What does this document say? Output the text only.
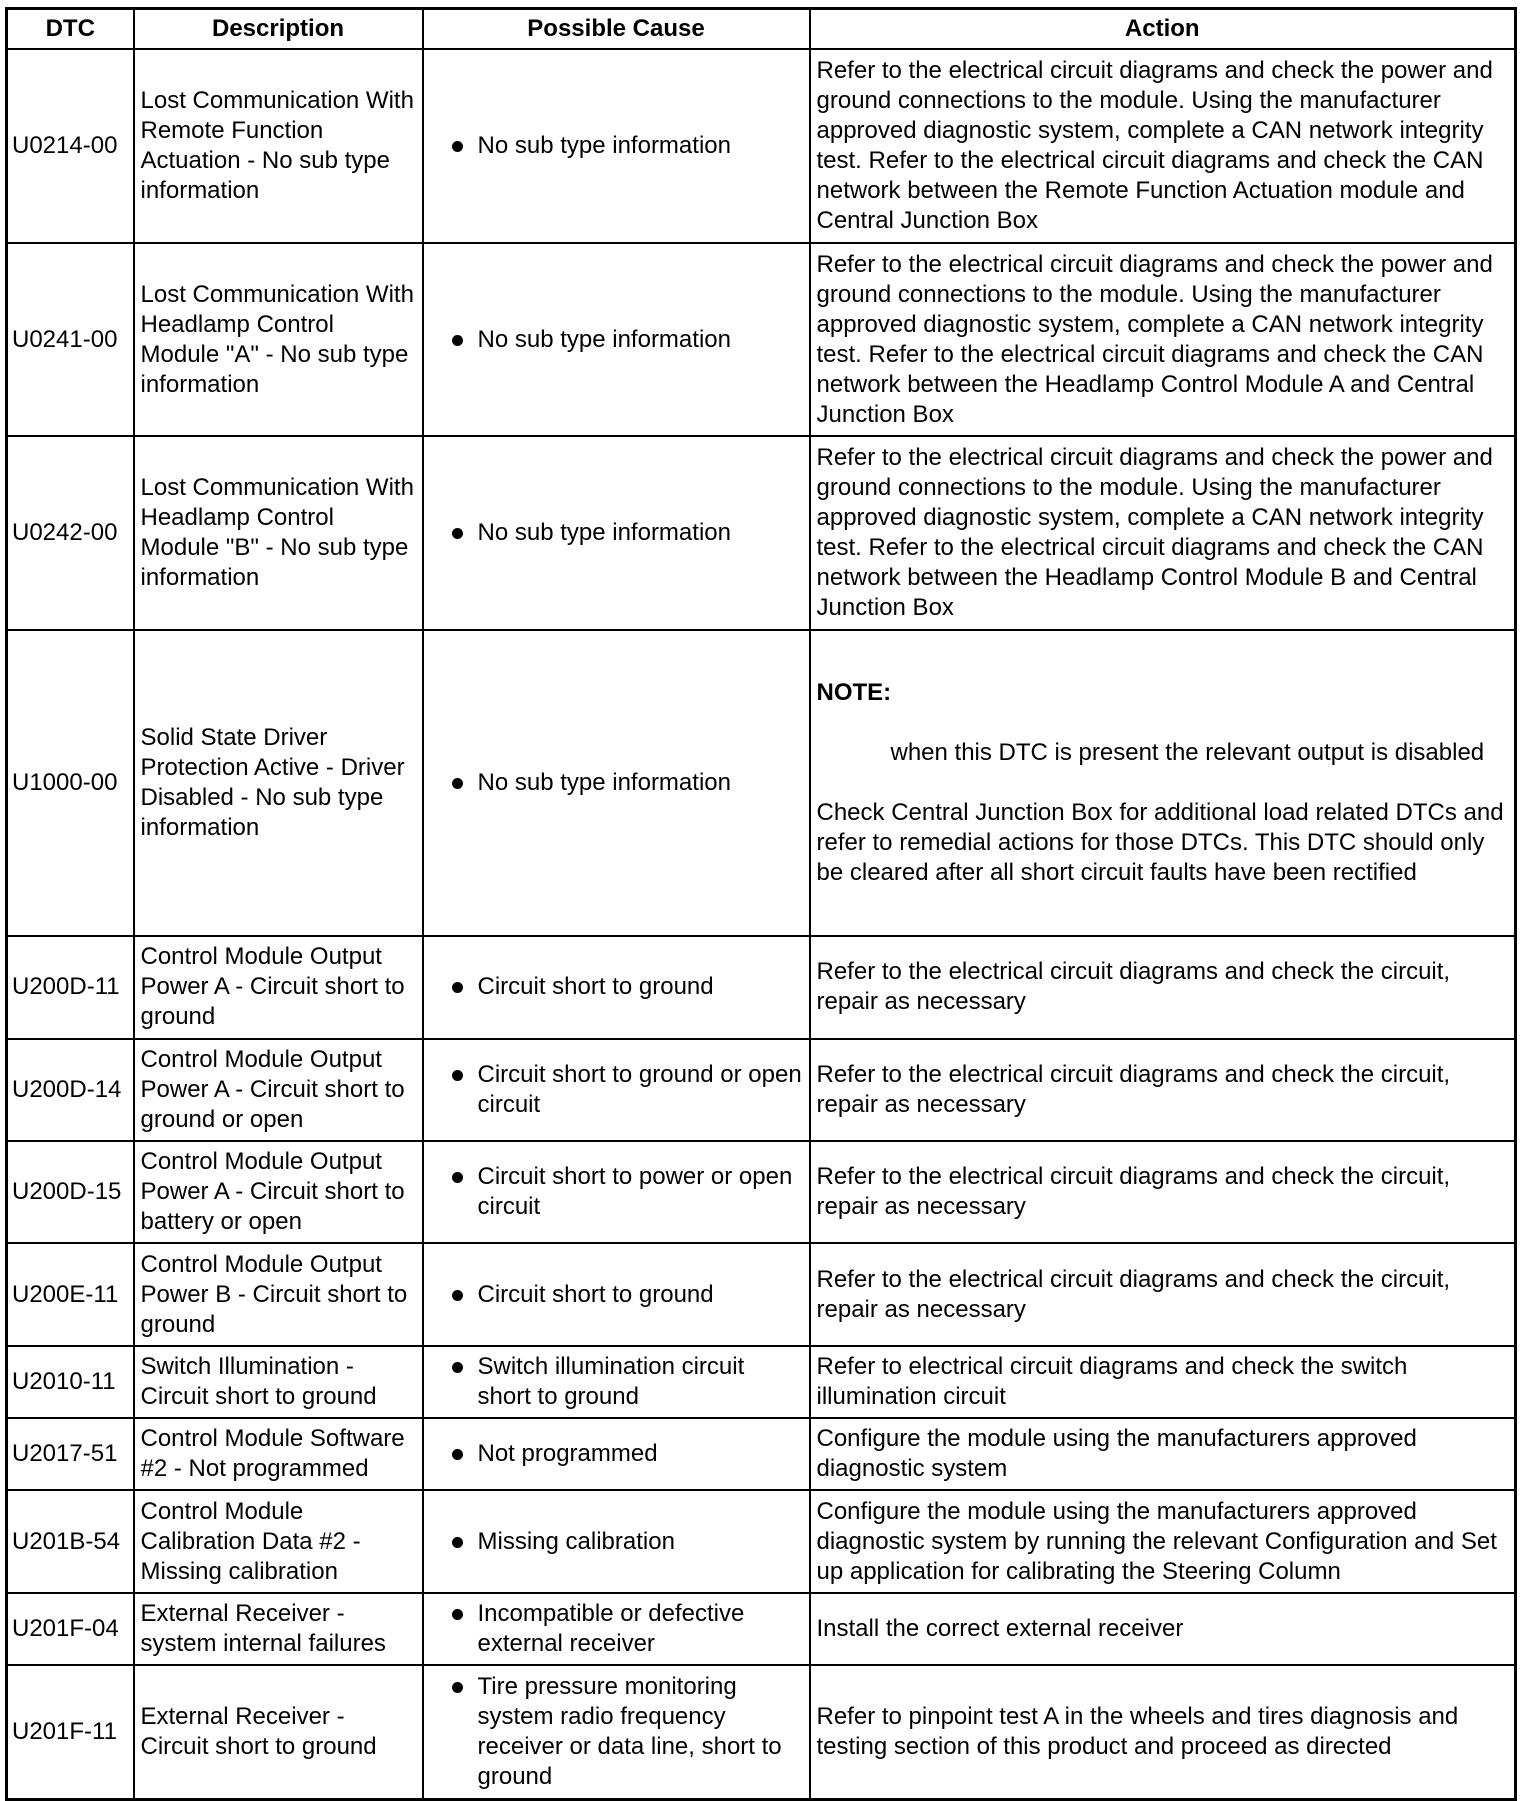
DTC	Description	Possible Cause	Action
U0214-00	Lost Communication With Remote Function Actuation - No sub type information	No sub type information	Refer to the electrical circuit diagrams and check the power and ground connections to the module. Using the manufacturer approved diagnostic system, complete a CAN network integrity test. Refer to the electrical circuit diagrams and check the CAN network between the Remote Function Actuation module and Central Junction Box
U0241-00	Lost Communication With Headlamp Control Module "A" - No sub type information	No sub type information	Refer to the electrical circuit diagrams and check the power and ground connections to the module. Using the manufacturer approved diagnostic system, complete a CAN network integrity test. Refer to the electrical circuit diagrams and check the CAN network between the Headlamp Control Module A and Central Junction Box
U0242-00	Lost Communication With Headlamp Control Module "B" - No sub type information	No sub type information	Refer to the electrical circuit diagrams and check the power and ground connections to the module. Using the manufacturer approved diagnostic system, complete a CAN network integrity test. Refer to the electrical circuit diagrams and check the CAN network between the Headlamp Control Module B and Central Junction Box
U1000-00	Solid State Driver Protection Active - Driver Disabled - No sub type information	No sub type information	NOTE:
when this DTC is present the relevant output is disabled
Check Central Junction Box for additional load related DTCs and refer to remedial actions for those DTCs. This DTC should only be cleared after all short circuit faults have been rectified

U200D-11	Control Module Output Power A - Circuit short to ground	Circuit short to ground	Refer to the electrical circuit diagrams and check the circuit, repair as necessary
U200D-14	Control Module Output Power A - Circuit short to ground or open	Circuit short to ground or open circuit	Refer to the electrical circuit diagrams and check the circuit, repair as necessary
U200D-15	Control Module Output Power A - Circuit short to battery or open	Circuit short to power or open circuit	Refer to the electrical circuit diagrams and check the circuit, repair as necessary
U200E-11	Control Module Output Power B - Circuit short to ground	Circuit short to ground	Refer to the electrical circuit diagrams and check the circuit, repair as necessary
U2010-11	Switch Illumination - Circuit short to ground	Switch illumination circuit short to ground	Refer to electrical circuit diagrams and check the switch illumination circuit
U2017-51	Control Module Software #2 - Not programmed	Not programmed	Configure the module using the manufacturers approved diagnostic system
U201B-54	Control Module Calibration Data #2 - Missing calibration	Missing calibration	Configure the module using the manufacturers approved diagnostic system by running the relevant Configuration and Set up application for calibrating the Steering Column
U201F-04	External Receiver - system internal failures	Incompatible or defective external receiver	Install the correct external receiver
U201F-11	External Receiver - Circuit short to ground	Tire pressure monitoring system radio frequency receiver or data line, short to ground	Refer to pinpoint test A in the wheels and tires diagnosis and testing section of this product and proceed as directed
